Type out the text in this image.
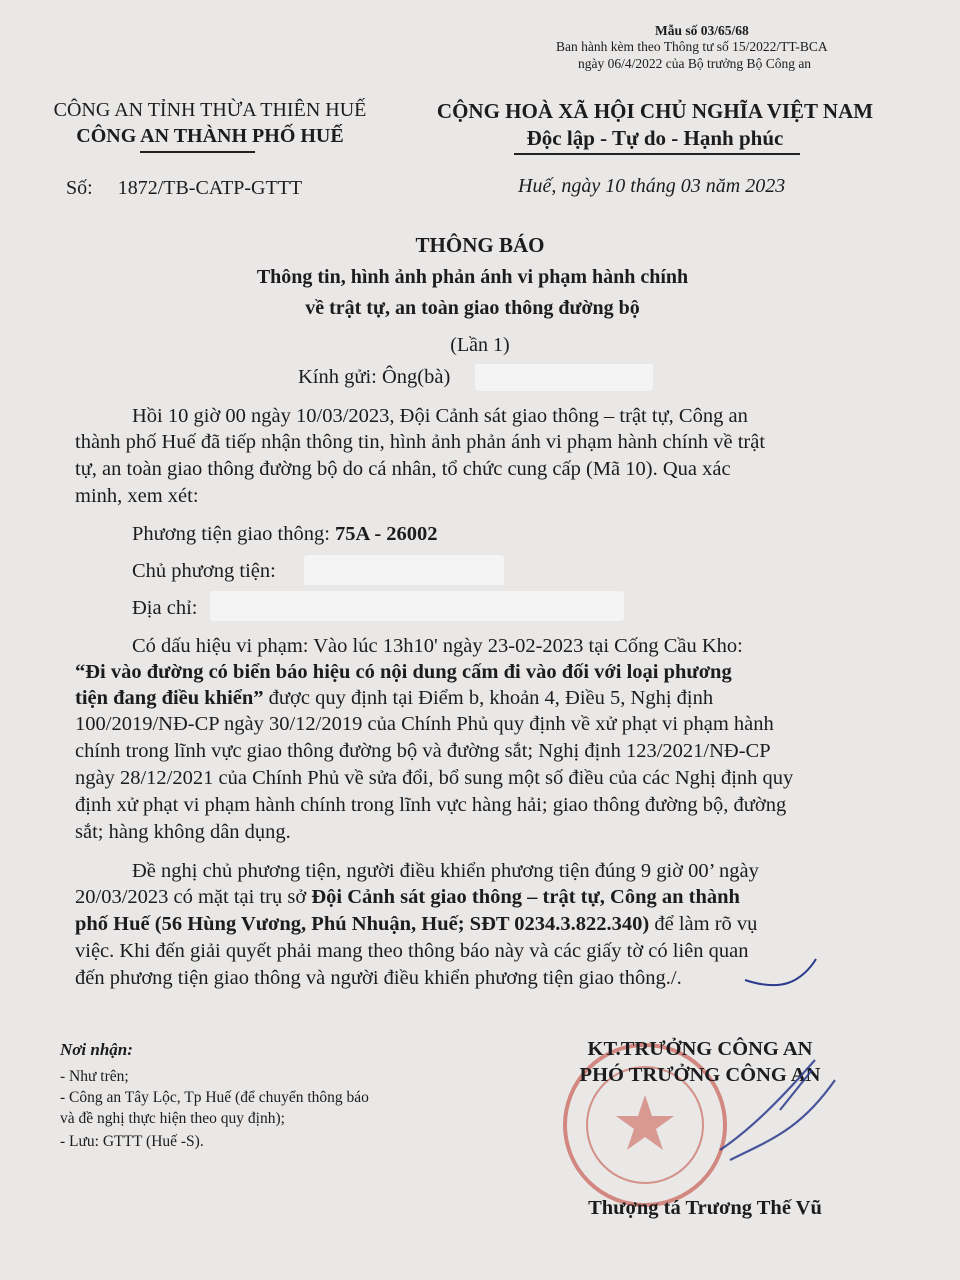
Mẫu số 03/65/68
Ban hành kèm theo Thông tư số 15/2022/TT-BCA
ngày 06/4/2022 của Bộ trưởng Bộ Công an
CÔNG AN TỈNH THỪA THIÊN HUẾ
CÔNG AN THÀNH PHỐ HUẾ
CỘNG HOÀ XÃ HỘI CHỦ NGHĨA VIỆT NAM
Độc lập - Tự do - Hạnh phúc
Số: 1872/TB-CATP-GTTT	Huế, ngày 10 tháng 03 năm 2023
THÔNG BÁO
Thông tin, hình ảnh phản ánh vi phạm hành chính
về trật tự, an toàn giao thông đường bộ
(Lần 1)
Kính gửi: Ông(bà)
Hồi 10 giờ 00 ngày 10/03/2023, Đội Cảnh sát giao thông – trật tự, Công an
thành phố Huế đã tiếp nhận thông tin, hình ảnh phản ánh vi phạm hành chính về trật
tự, an toàn giao thông đường bộ do cá nhân, tổ chức cung cấp (Mã 10). Qua xác
minh, xem xét:
Phương tiện giao thông: 75A - 26002
Chủ phương tiện:
Địa chỉ:
Có dấu hiệu vi phạm: Vào lúc 13h10' ngày 23-02-2023 tại Cống Cầu Kho:
“Đi vào đường có biển báo hiệu có nội dung cấm đi vào đối với loại phương
tiện đang điều khiển” được quy định tại Điểm b, khoản 4, Điều 5, Nghị định
100/2019/NĐ-CP ngày 30/12/2019 của Chính Phủ quy định về xử phạt vi phạm hành
chính trong lĩnh vực giao thông đường bộ và đường sắt; Nghị định 123/2021/NĐ-CP
ngày 28/12/2021 của Chính Phủ về sửa đổi, bổ sung một số điều của các Nghị định quy
định xử phạt vi phạm hành chính trong lĩnh vực hàng hải; giao thông đường bộ, đường
sắt; hàng không dân dụng.
Đề nghị chủ phương tiện, người điều khiển phương tiện đúng 9 giờ 00’ ngày
20/03/2023 có mặt tại trụ sở Đội Cảnh sát giao thông – trật tự, Công an thành
phố Huế (56 Hùng Vương, Phú Nhuận, Huế; SĐT 0234.3.822.340) để làm rõ vụ
việc. Khi đến giải quyết phải mang theo thông báo này và các giấy tờ có liên quan
đến phương tiện giao thông và người điều khiển phương tiện giao thông./.
Nơi nhận:
- Như trên;
- Công an Tây Lộc, Tp Huế (để chuyển thông báo
và đề nghị thực hiện theo quy định);
- Lưu: GTTT (Huế -S).
KT.TRƯỞNG CÔNG AN
PHÓ TRƯỞNG CÔNG AN
Thượng tá Trương Thế Vũ
